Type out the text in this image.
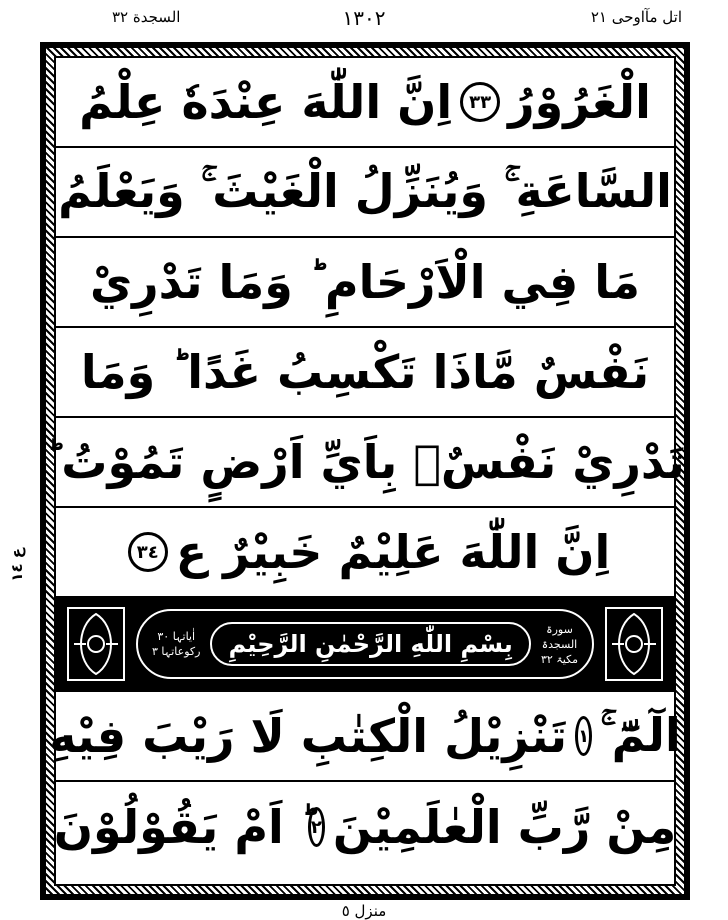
السجدة ٣٢	١٣٠٢	اتل مآاوحی ٢١
ع ١٤
الْغَرُوْرُ
٣٣
اِنَّ اللّٰهَ عِنْدَهٗ عِلْمُ
السَّاعَةِ ۚ وَيُنَزِّلُ الْغَيْثَ ۚ وَيَعْلَمُ
مَا فِي الْاَرْحَامِ ؕ وَمَا تَدْرِيْ
نَفْسٌ مَّاذَا تَكْسِبُ غَدًا ؕ وَمَا
تَدْرِيْ نَفْسٌۢ بِاَيِّ اَرْضٍ تَمُوْتُ ؕ
اِنَّ اللّٰهَ عَلِيْمٌ خَبِيْرٌ ع
٣٤
اٰیاتہا ٣٠
رکوعاتہا ٣ بِسْمِ اللّٰهِ الرَّحْمٰنِ الرَّحِيْمِ
سورۃ
السجدۃ
مکیۃ ٣٢
الٓمّٓ ۚ
١
تَنْزِيْلُ الْكِتٰبِ لَا رَيْبَ فِيْهِ
مِنْ رَّبِّ الْعٰلَمِيْنَ
٢
ؕ اَمْ يَقُوْلُوْنَ
منزل ٥
